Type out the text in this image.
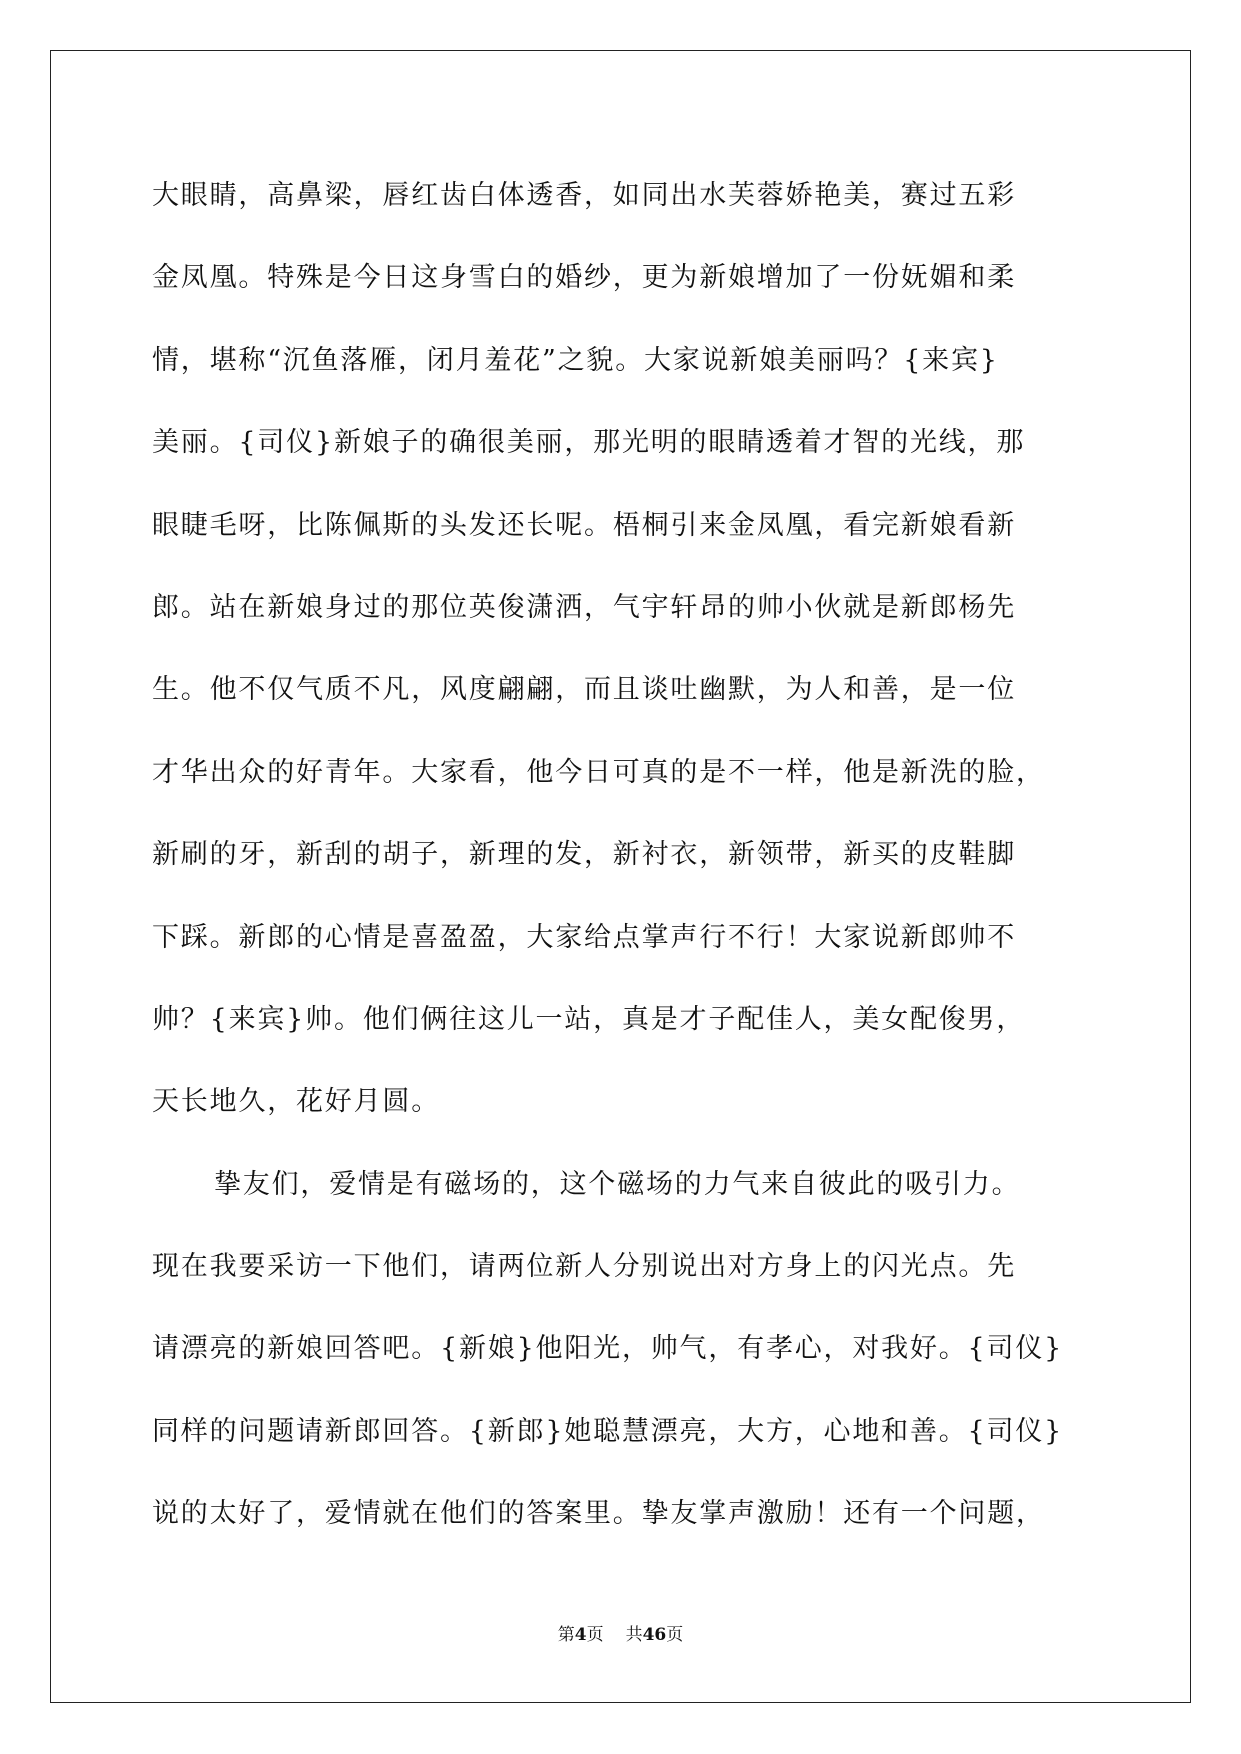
大眼睛，高鼻梁，唇红齿白体透香，如同出水芙蓉娇艳美，赛过五彩
金凤凰。特殊是今日这身雪白的婚纱，更为新娘增加了一份妩媚和柔
情，堪称“沉鱼落雁，闭月羞花”之貌。大家说新娘美丽吗？{来宾}
美丽。{司仪}新娘子的确很美丽，那光明的眼睛透着才智的光线，那
眼睫毛呀，比陈佩斯的头发还长呢。梧桐引来金凤凰，看完新娘看新
郎。站在新娘身过的那位英俊潇洒，气宇轩昂的帅小伙就是新郎杨先
生。他不仅气质不凡，风度翩翩，而且谈吐幽默，为人和善，是一位
才华出众的好青年。大家看，他今日可真的是不一样，他是新洗的脸，
新刷的牙，新刮的胡子，新理的发，新衬衣，新领带，新买的皮鞋脚
下踩。新郎的心情是喜盈盈，大家给点掌声行不行！大家说新郎帅不
帅？{来宾}帅。他们俩往这儿一站，真是才子配佳人，美女配俊男，
天长地久，花好月圆。
挚友们，爱情是有磁场的，这个磁场的力气来自彼此的吸引力。
现在我要采访一下他们，请两位新人分别说出对方身上的闪光点。先
请漂亮的新娘回答吧。{新娘}他阳光，帅气，有孝心，对我好。{司仪}
同样的问题请新郎回答。{新郎}她聪慧漂亮，大方，心地和善。{司仪}
说的太好了，爱情就在他们的答案里。挚友掌声激励！还有一个问题，
第4页 共46页
